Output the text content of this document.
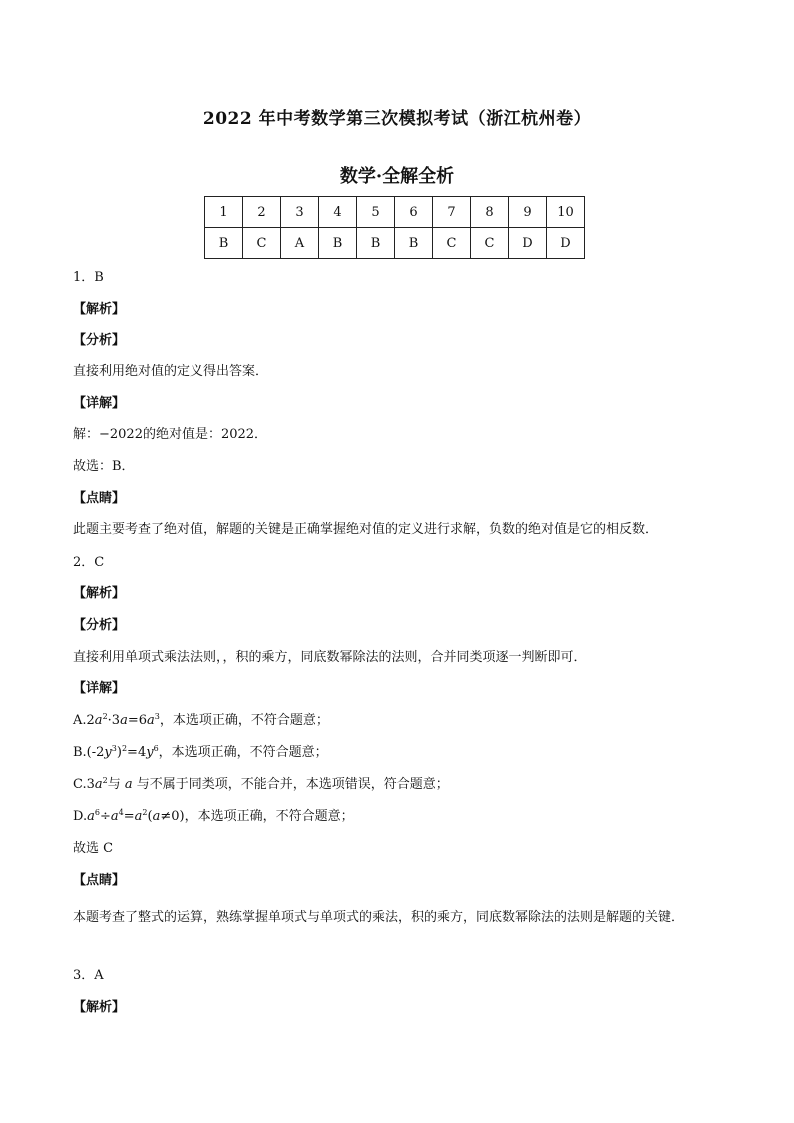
2022 年中考数学第三次模拟考试（浙江杭州卷）
数学·全解全析
1	2	3	4	5	6	7	8	9	10
B	C	A	B	B	B	C	C	D	D
1．B
【解析】
【分析】
直接利用绝对值的定义得出答案．
【详解】
解：−2022的绝对值是：2022．
故选：B．
【点睛】
此题主要考查了绝对值，解题的关键是正确掌握绝对值的定义进行求解，负数的绝对值是它的相反数．
2．C
【解析】
【分析】
直接利用单项式乘法法则，，积的乘方，同底数幂除法的法则，合并同类项逐一判断即可．
【详解】
$A.2a^2\cdot 3a=6a^3$，本选项正确，不符合题意；
$B.(-2y^3)^2=4y^6$，本选项正确，不符合题意；
$C.3a^2$与 a 与不属于同类项，不能合并，本选项错误，符合题意；
$D.a^6\div a^4=a^2(a\ne 0)$，本选项正确，不符合题意；
故选 C
【点睛】
本题考查了整式的运算，熟练掌握单项式与单项式的乘法，积的乘方，同底数幂除法的法则是解题的关键．
3．A
【解析】
